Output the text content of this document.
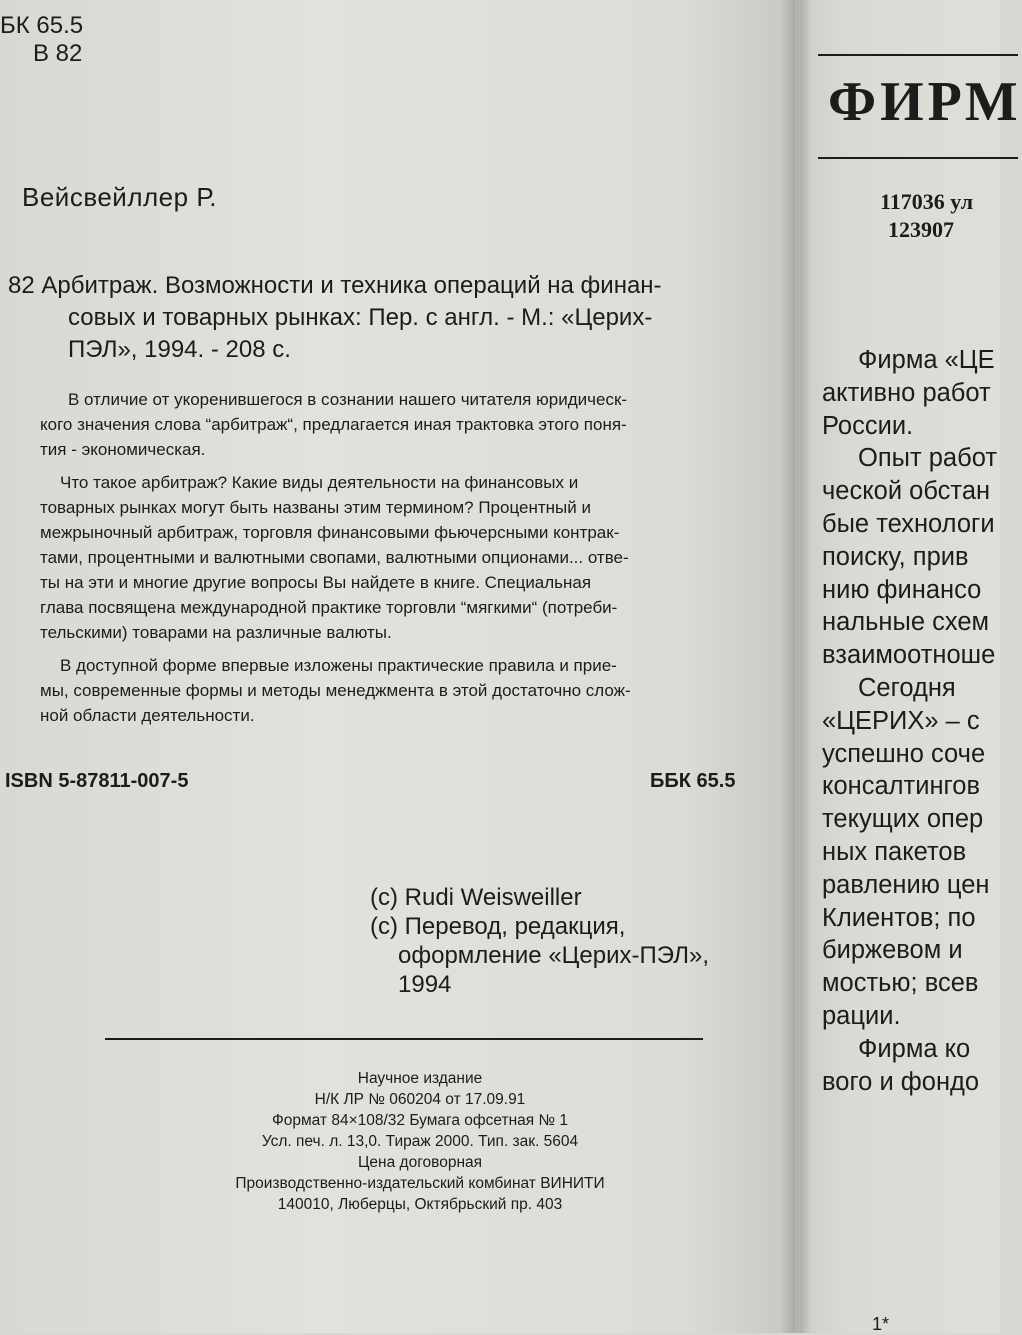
БК 65.5
В 82
Вейсвейллер Р.
82 Арбитраж. Возможности и техника операций на финан-
совых и товарных рынках: Пер. с англ. - М.: «Церих-
ПЭЛ», 1994. - 208 с.
В отличие от укоренившегося в сознании нашего читателя юридическ-
кого значения слова “арбитраж“, предлагается иная трактовка этого поня-
тия - экономическая.
Что такое арбитраж? Какие виды деятельности на финансовых и
товарных рынках могут быть названы этим термином? Процентный и
межрыночный арбитраж, торговля финансовыми фьючерсными контрак-
тами, процентными и валютными свопами, валютными опционами... отве-
ты на эти и многие другие вопросы Вы найдете в книге. Специальная
глава посвящена международной практике торговли “мягкими“ (потреби-
тельскими) товарами на различные валюты.
В доступной форме впервые изложены практические правила и прие-
мы, современные формы и методы менеджмента в этой достаточно слож-
ной области деятельности.
ISBN 5-87811-007-5	ББК 65.5
(c) Rudi Weisweiller
(c) Перевод, редакция,
оформление «Церих-ПЭЛ»,
1994
Научное издание
Н/К ЛР № 060204 от 17.09.91
Формат 84×108/32 Бумага офсетная № 1
Усл. печ. л. 13,0. Тираж 2000. Тип. зак. 5604
Цена договорная
Производственно-издательский комбинат ВИНИТИ
140010, Люберцы, Октябрьский пр. 403
ФИРМ
117036 ул
123907
Фирма «ЦЕ
активно работ
России.
Опыт работ
ческой обстан
бые технологи
поиску, прив
нию финансо
нальные схем
взаимоотноше
Сегодня
«ЦЕРИХ» – с
успешно соче
консалтингов
текущих опер
ных пакетов
равлению цен
Клиентов; по
биржевом и
мостью; всев
рации.
Фирма ко
вого и фондо
1*
